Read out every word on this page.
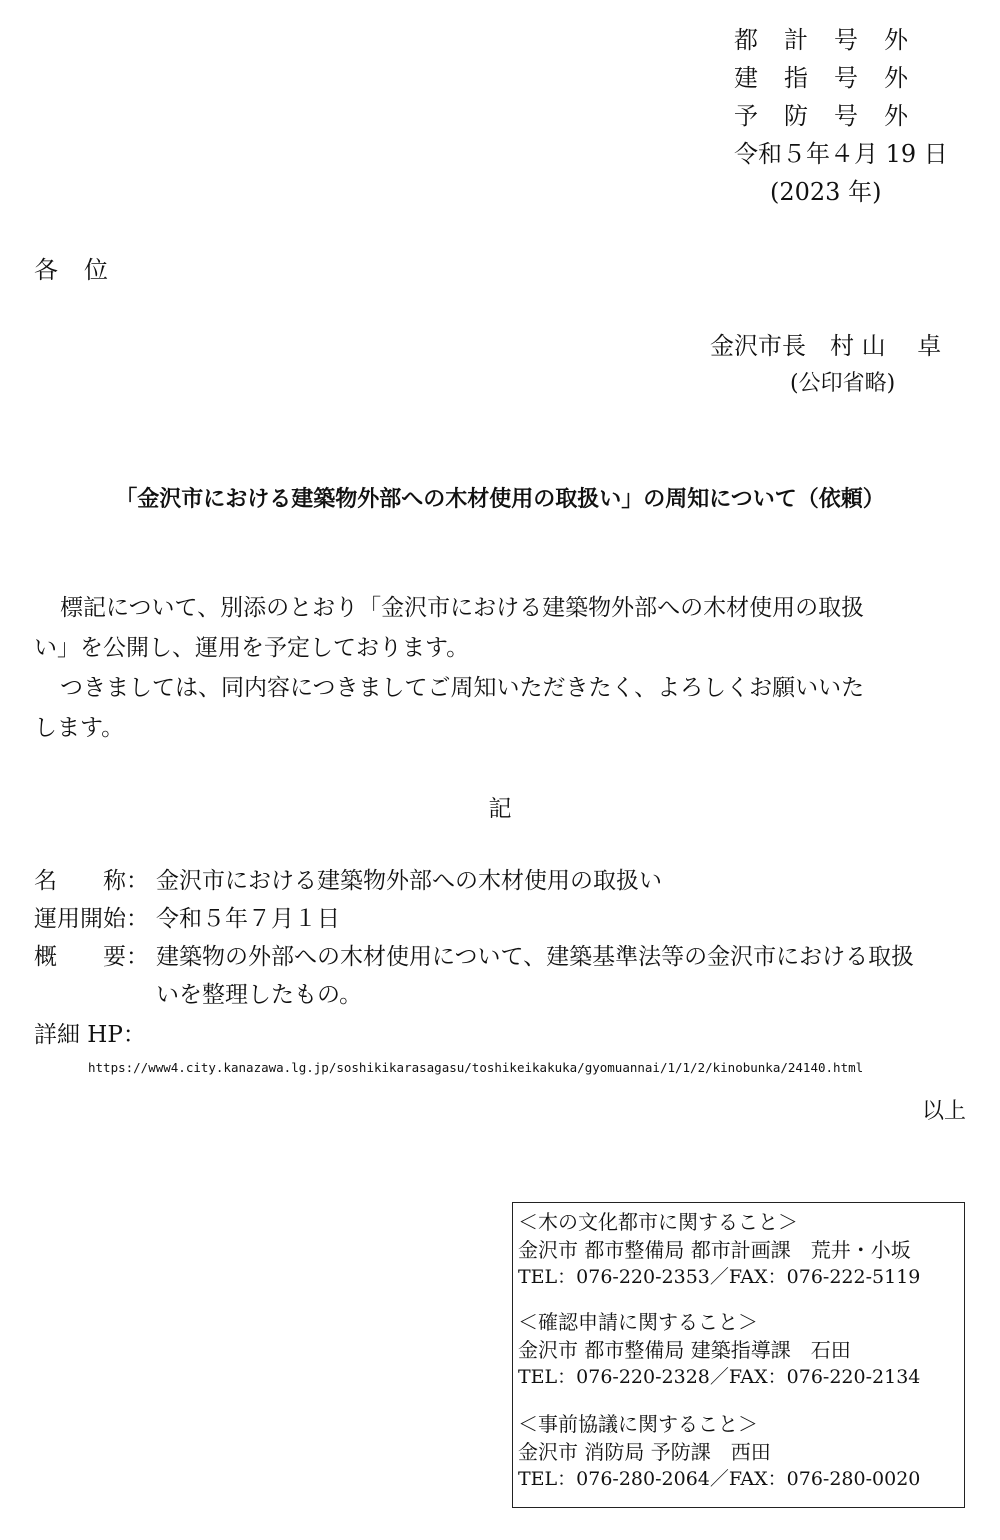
都計号外
建指号外
予防号外
令和５年４月 19 日
(2023 年)
各位
金沢市長　村 山　 卓
(公印省略)
「金沢市における建築物外部への木材使用の取扱い」の周知について（依頼）
標記について、別添のとおり「金沢市における建築物外部への木材使用の取扱
い」を公開し、運用を予定しております。
つきましては、同内容につきましてご周知いただきたく、よろしくお願いいた
します。
記
名　　称： 金沢市における建築物外部への木材使用の取扱い
運用開始： 令和５年７月１日
概　　要： 建築物の外部への木材使用について、建築基準法等の金沢市における取扱
いを整理したもの。
詳細 HP：
https://www4.city.kanazawa.lg.jp/soshikikarasagasu/toshikeikakuka/gyomuannai/1/1/2/kinobunka/24140.html
以上
＜木の文化都市に関すること＞
金沢市 都市整備局 都市計画課　荒井・小坂
TEL：076-220-2353／FAX：076-222-5119
＜確認申請に関すること＞
金沢市 都市整備局 建築指導課　石田
TEL：076-220-2328／FAX：076-220-2134
＜事前協議に関すること＞
金沢市 消防局 予防課　西田
TEL：076-280-2064／FAX：076-280-0020
